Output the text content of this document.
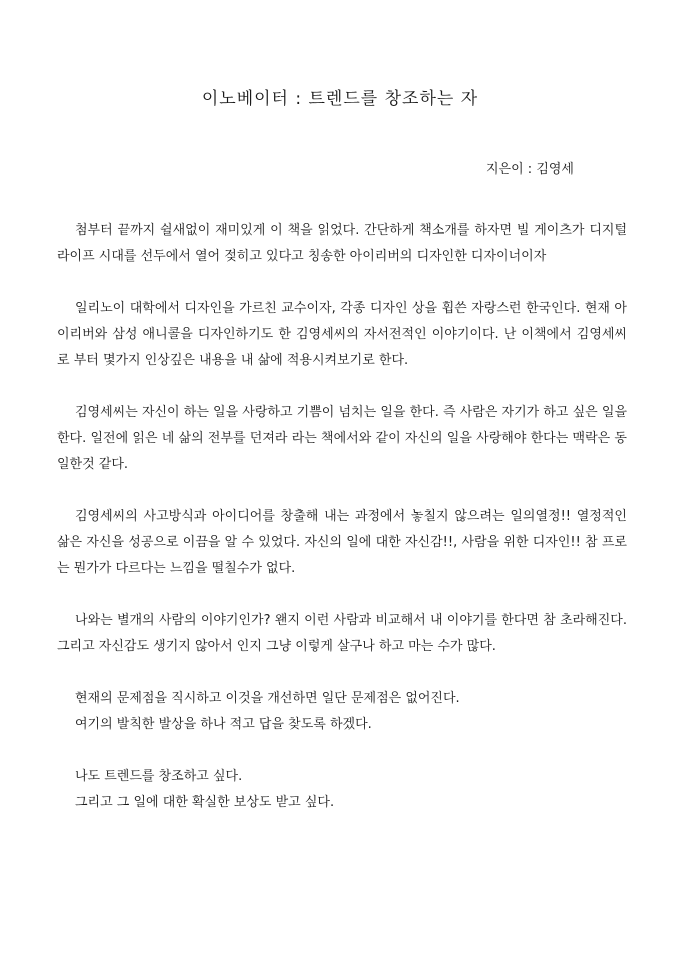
이노베이터 : 트렌드를 창조하는 자

지은이 : 김영세

첨부터 끝까지 쉴새없이 재미있게 이 책을 읽었다. 간단하게 책소개를 하자면 빌 게이츠가 디지털 라이프 시대를 선두에서 열어 젖히고 있다고 칭송한 아이리버의 디자인한 디자이너이자

일리노이 대학에서 디자인을 가르친 교수이자, 각종 디자인 상을 휩쓴 자랑스런 한국인다. 현재 아이리버와 삼성 애니콜을 디자인하기도 한 김영세씨의 자서전적인 이야기이다. 난 이책에서 김영세씨로 부터 몇가지 인상깊은 내용을 내 삶에 적용시켜보기로 한다.

김영세씨는 자신이 하는 일을 사랑하고 기쁨이 넘치는 일을 한다. 즉 사람은 자기가 하고 싶은 일을 한다. 일전에 읽은 네 삶의 전부를 던져라 라는 책에서와 같이 자신의 일을 사랑해야 한다는 맥락은 동일한것 같다.

김영세씨의 사고방식과 아이디어를 창출해 내는 과정에서 놓칠지 않으려는 일의열정!! 열정적인 삶은 자신을 성공으로 이끔을 알 수 있었다. 자신의 일에 대한 자신감!!, 사람을 위한 디자인!! 참 프로는 뭔가가 다르다는 느낌을 떨칠수가 없다.

나와는 별개의 사람의 이야기인가? 왠지 이런 사람과 비교해서 내 이야기를 한다면 참 초라해진다. 그리고 자신감도 생기지 않아서 인지 그냥 이렇게 살구나 하고 마는 수가 많다.

현재의 문제점을 직시하고 이것을 개선하면 일단 문제점은 없어진다.
여기의 발칙한 발상을 하나 적고 답을 찾도록 하겠다.
나도 트렌드를 창조하고 싶다.
그리고 그 일에 대한 확실한 보상도 받고 싶다.
